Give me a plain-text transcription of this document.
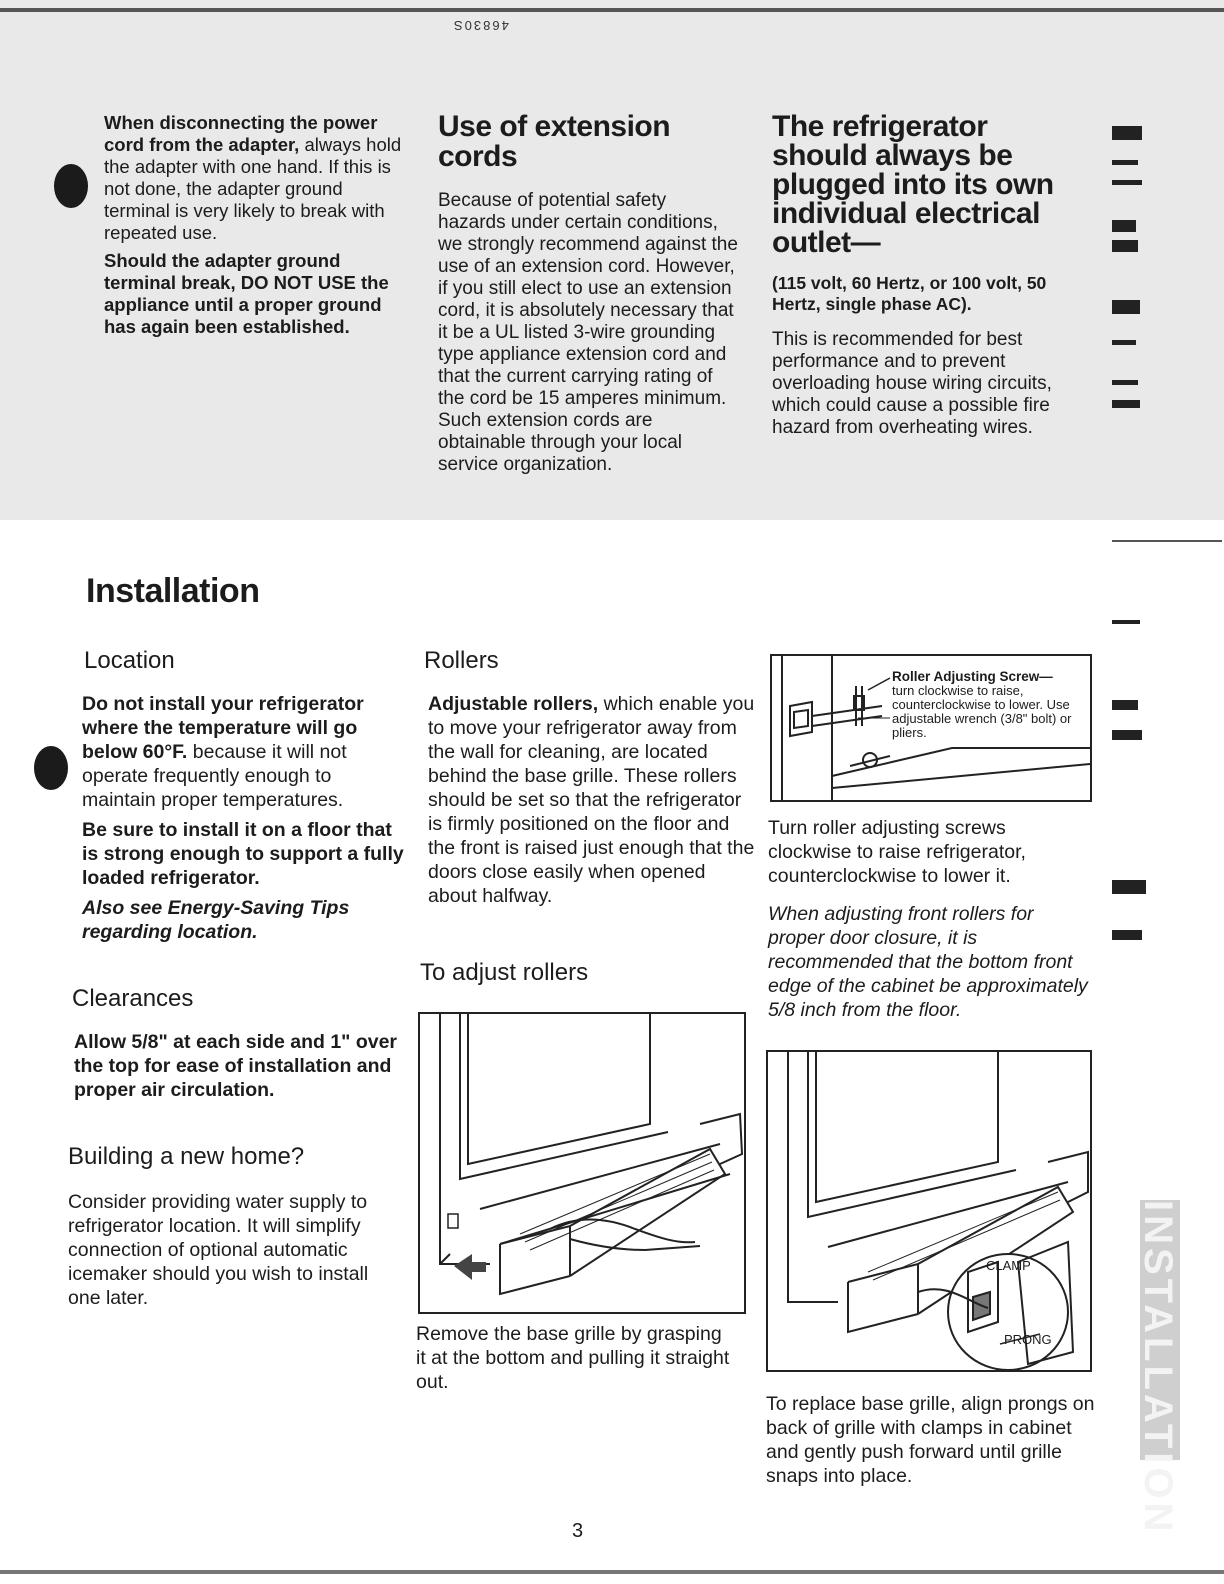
46830S

When disconnecting the power cord from the adapter, always hold the adapter with one hand. If this is not done, the adapter ground terminal is very likely to break with repeated use.

Should the adapter ground terminal break, DO NOT USE the appliance until a proper ground has again been established.

Use of extension cords

Because of potential safety hazards under certain conditions, we strongly recommend against the use of an extension cord. However, if you still elect to use an extension cord, it is absolutely necessary that it be a UL listed 3-wire grounding type appliance extension cord and that the current carrying rating of the cord be 15 amperes minimum. Such extension cords are obtainable through your local service organization.

The refrigerator should always be plugged into its own individual electrical outlet—
(115 volt, 60 Hertz, or 100 volt, 50 Hertz, single phase AC).

This is recommended for best performance and to prevent overloading house wiring circuits, which could cause a possible fire hazard from overheating wires.

Installation
Location

Do not install your refrigerator where the temperature will go below 60°F. because it will not operate frequently enough to maintain proper temperatures.

Be sure to install it on a floor that is strong enough to support a fully loaded refrigerator.

Also see Energy-Saving Tips regarding location.

Clearances

Allow 5/8" at each side and 1" over the top for ease of installation and proper air circulation.

Building a new home?

Consider providing water supply to refrigerator location. It will simplify connection of optional automatic icemaker should you wish to install one later.

Rollers

Adjustable rollers, which enable you to move your refrigerator away from the wall for cleaning, are located behind the base grille. These rollers should be set so that the refrigerator is firmly positioned on the floor and the front is raised just enough that the doors close easily when opened about halfway.

To adjust rollers

Remove the base grille by grasping it at the bottom and pulling it straight out.

Roller Adjusting Screw—
turn clockwise to raise, counterclockwise to lower. Use adjustable wrench (3/8" bolt) or pliers.

Turn roller adjusting screws clockwise to raise refrigerator, counterclockwise to lower it.

When adjusting front rollers for proper door closure, it is recommended that the bottom front edge of the cabinet be approximately 5/8 inch from the floor.

CLAMP
PRONG

To replace base grille, align prongs on back of grille with clamps in cabinet and gently push forward until grille snaps into place.	INSTALLATION
3
